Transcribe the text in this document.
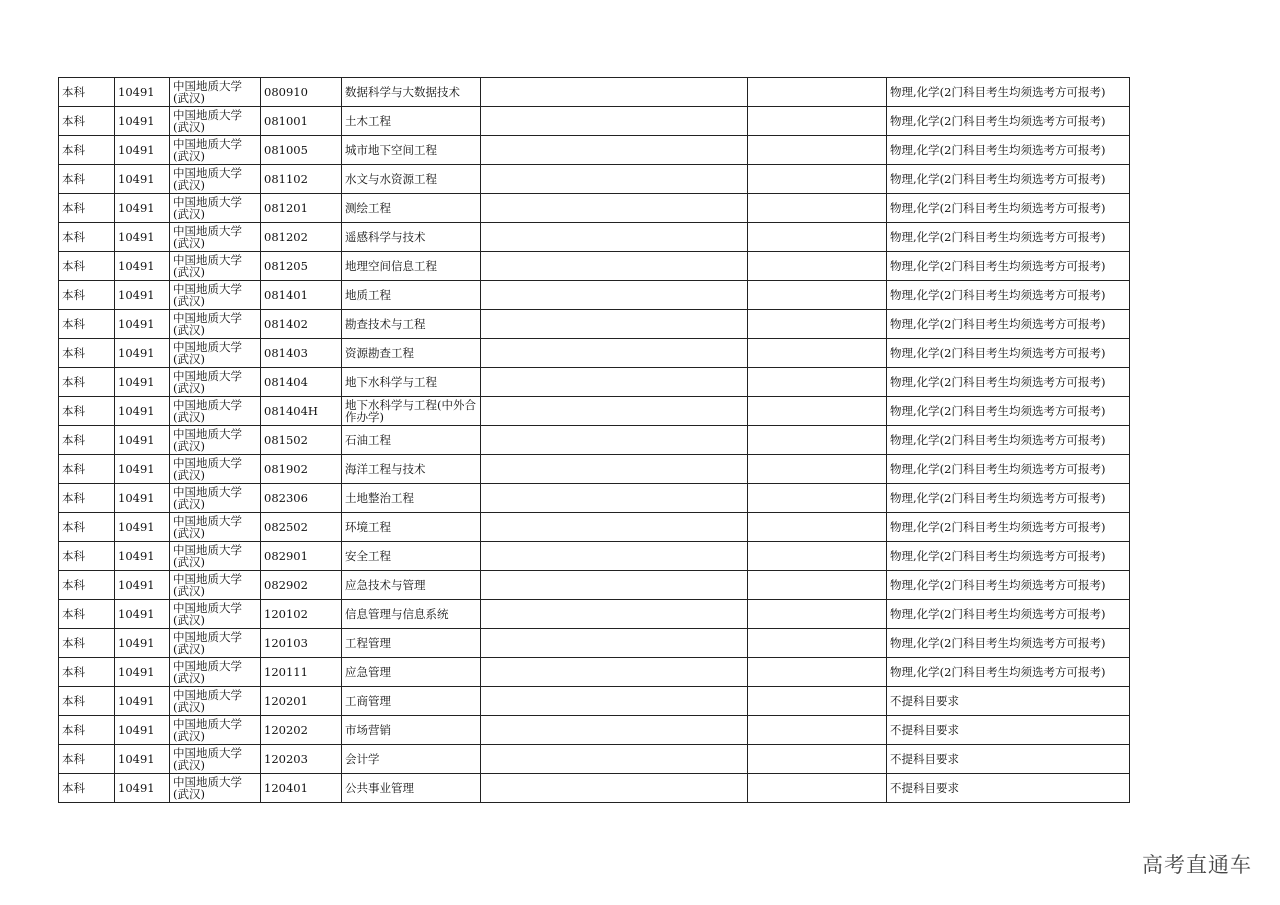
本科	10491	中国地质大学(武汉)	080910	数据科学与大数据技术			物理,化学(2门科目考生均须选考方可报考)
本科	10491	中国地质大学(武汉)	081001	土木工程			物理,化学(2门科目考生均须选考方可报考)
本科	10491	中国地质大学(武汉)	081005	城市地下空间工程			物理,化学(2门科目考生均须选考方可报考)
本科	10491	中国地质大学(武汉)	081102	水文与水资源工程			物理,化学(2门科目考生均须选考方可报考)
本科	10491	中国地质大学(武汉)	081201	测绘工程			物理,化学(2门科目考生均须选考方可报考)
本科	10491	中国地质大学(武汉)	081202	遥感科学与技术			物理,化学(2门科目考生均须选考方可报考)
本科	10491	中国地质大学(武汉)	081205	地理空间信息工程			物理,化学(2门科目考生均须选考方可报考)
本科	10491	中国地质大学(武汉)	081401	地质工程			物理,化学(2门科目考生均须选考方可报考)
本科	10491	中国地质大学(武汉)	081402	勘查技术与工程			物理,化学(2门科目考生均须选考方可报考)
本科	10491	中国地质大学(武汉)	081403	资源勘查工程			物理,化学(2门科目考生均须选考方可报考)
本科	10491	中国地质大学(武汉)	081404	地下水科学与工程			物理,化学(2门科目考生均须选考方可报考)
本科	10491	中国地质大学(武汉)	081404H	地下水科学与工程(中外合作办学)			物理,化学(2门科目考生均须选考方可报考)
本科	10491	中国地质大学(武汉)	081502	石油工程			物理,化学(2门科目考生均须选考方可报考)
本科	10491	中国地质大学(武汉)	081902	海洋工程与技术			物理,化学(2门科目考生均须选考方可报考)
本科	10491	中国地质大学(武汉)	082306	土地整治工程			物理,化学(2门科目考生均须选考方可报考)
本科	10491	中国地质大学(武汉)	082502	环境工程			物理,化学(2门科目考生均须选考方可报考)
本科	10491	中国地质大学(武汉)	082901	安全工程			物理,化学(2门科目考生均须选考方可报考)
本科	10491	中国地质大学(武汉)	082902	应急技术与管理			物理,化学(2门科目考生均须选考方可报考)
本科	10491	中国地质大学(武汉)	120102	信息管理与信息系统			物理,化学(2门科目考生均须选考方可报考)
本科	10491	中国地质大学(武汉)	120103	工程管理			物理,化学(2门科目考生均须选考方可报考)
本科	10491	中国地质大学(武汉)	120111	应急管理			物理,化学(2门科目考生均须选考方可报考)
本科	10491	中国地质大学(武汉)	120201	工商管理			不提科目要求
本科	10491	中国地质大学(武汉)	120202	市场营销			不提科目要求
本科	10491	中国地质大学(武汉)	120203	会计学			不提科目要求
本科	10491	中国地质大学(武汉)	120401	公共事业管理			不提科目要求
高考直通车
